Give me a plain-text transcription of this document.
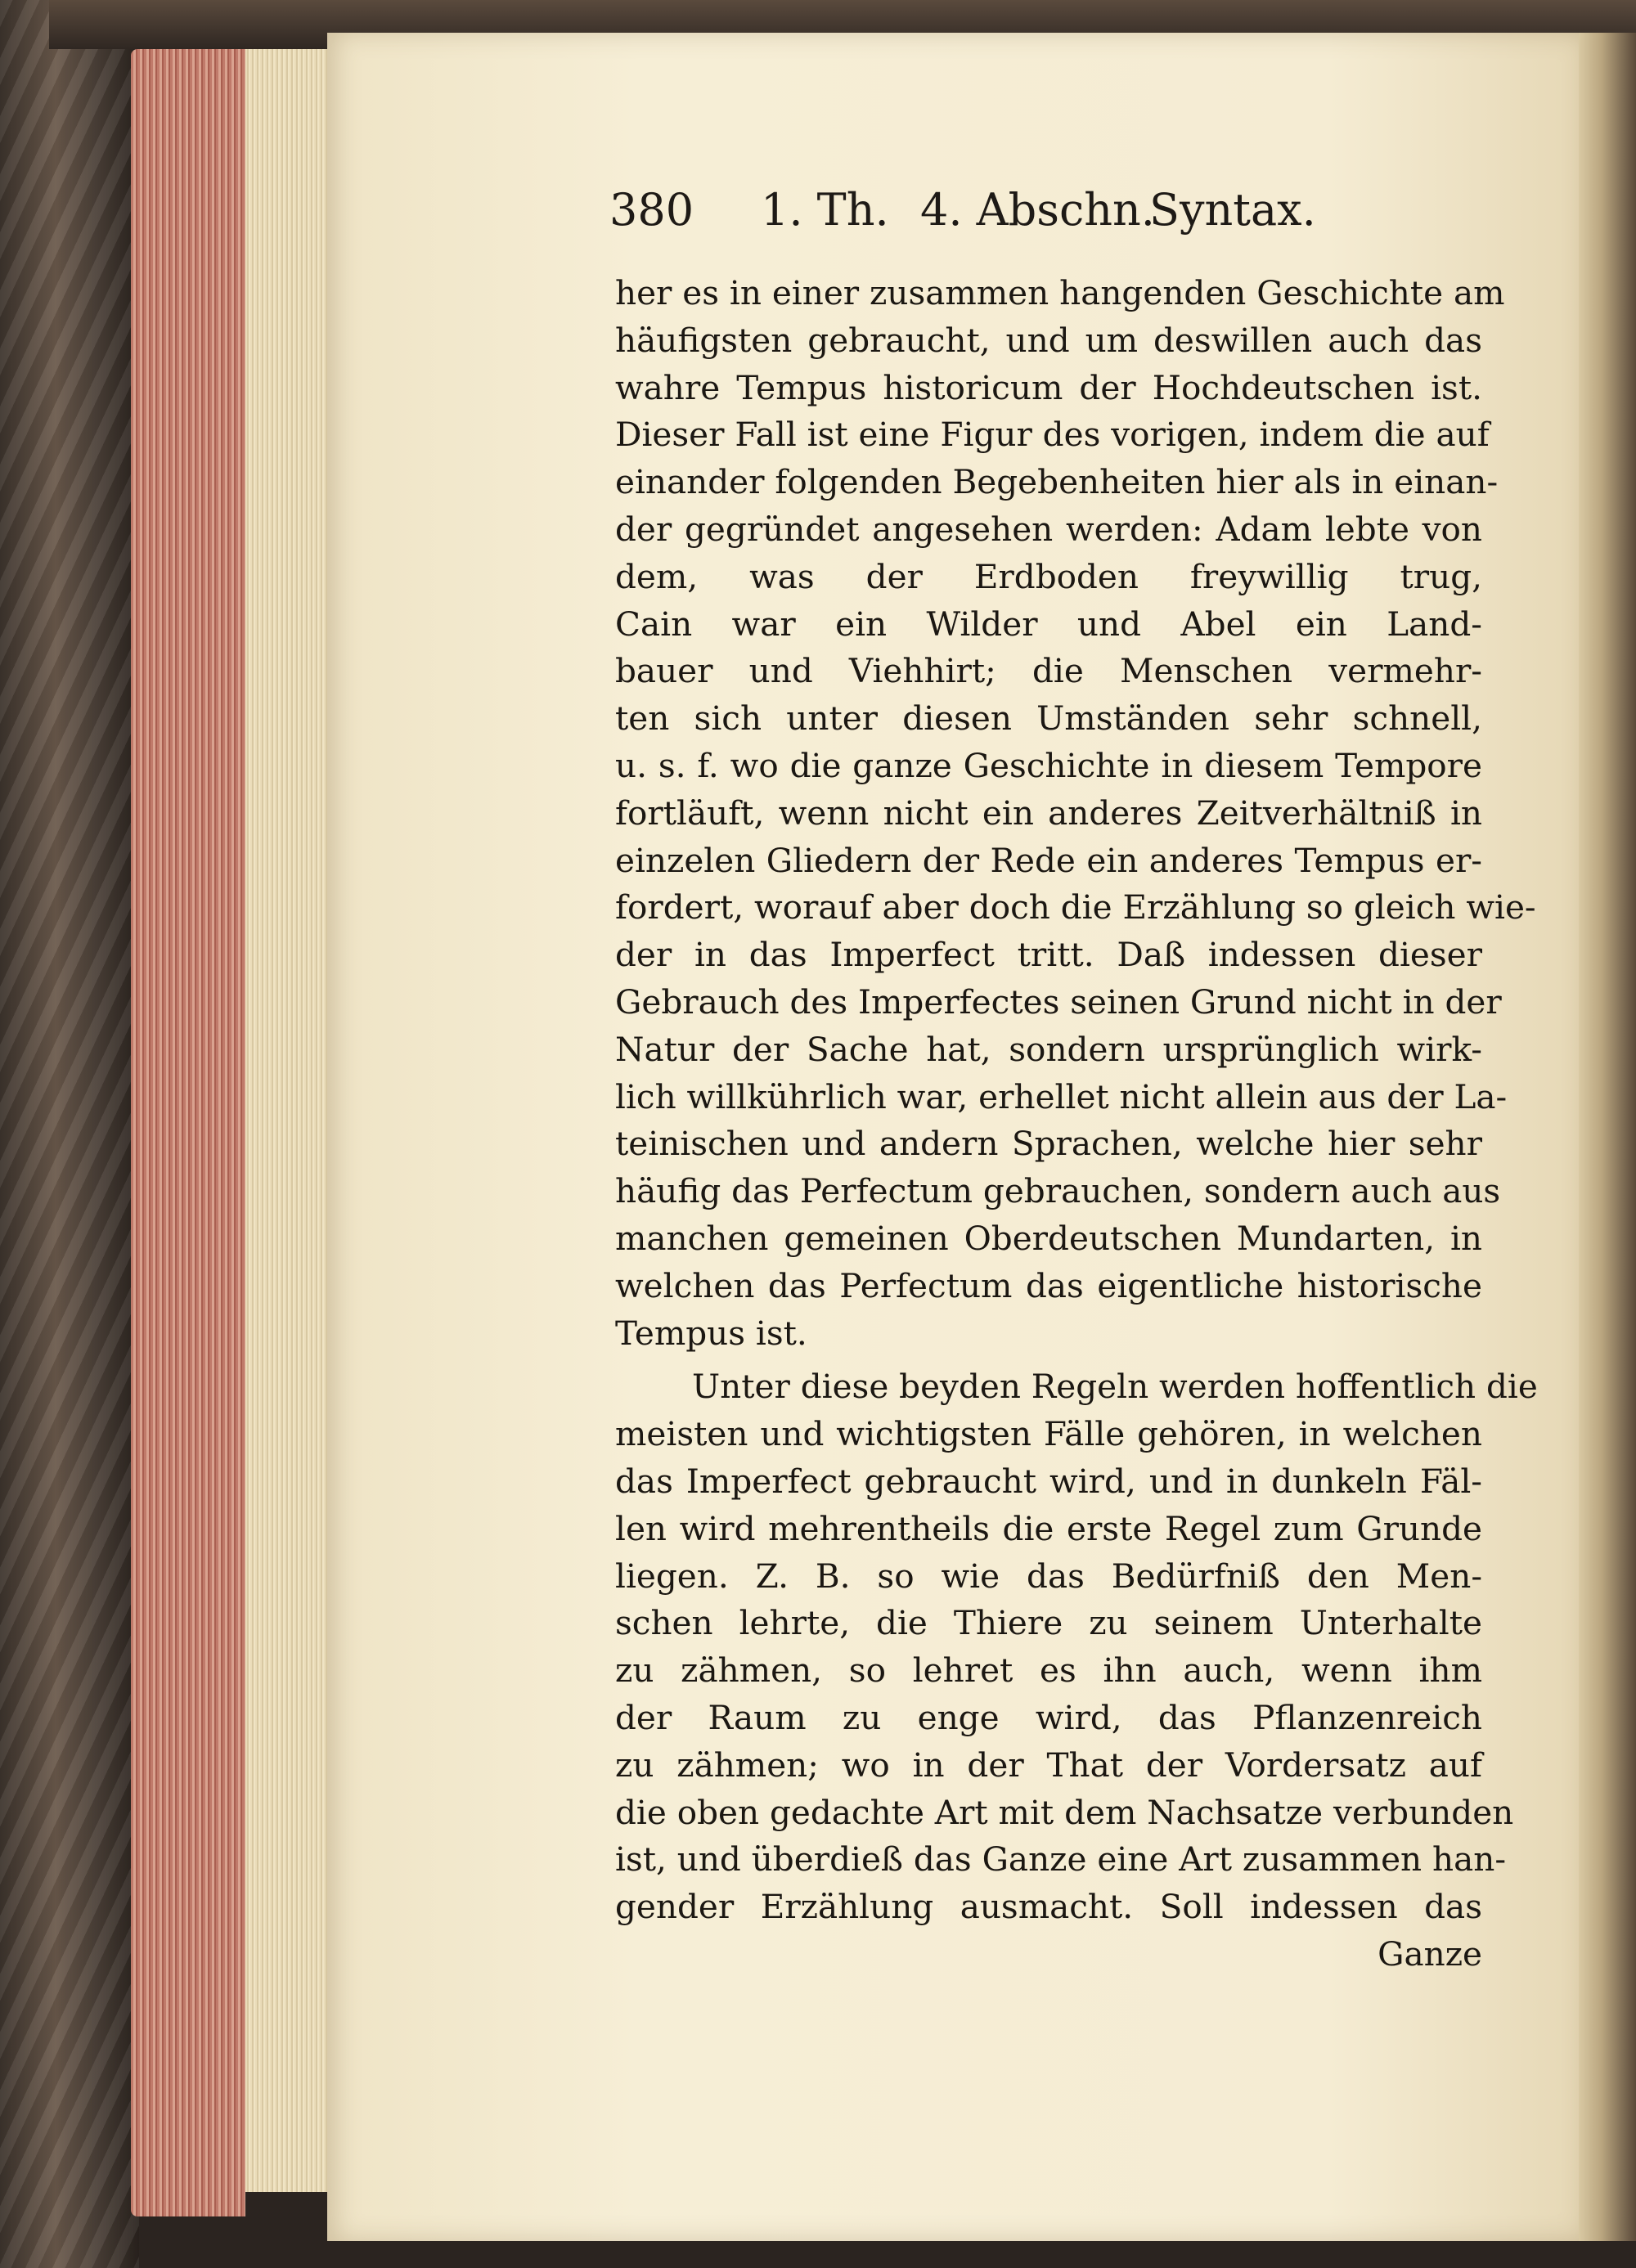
380 1. Th. 4. Abschn.
Syntax.
her es in einer zusammen hangenden Geschichte am
häufigsten gebraucht, und um deswillen auch das
wahre Tempus historicum der Hochdeutschen ist.
Dieser Fall ist eine Figur des vorigen, indem die auf
einander folgenden Begebenheiten hier als in einan-
der gegründet angesehen werden: Adam lebte von
dem, was der Erdboden freywillig trug,
Cain war ein Wilder und Abel ein Land-
bauer und Viehhirt; die Menschen vermehr-
ten sich unter diesen Umständen sehr schnell,
u. s. f. wo die ganze Geschichte in diesem Tempore
fortläuft, wenn nicht ein anderes Zeitverhältniß in
einzelen Gliedern der Rede ein anderes Tempus er-
fordert, worauf aber doch die Erzählung so gleich wie-
der in das Imperfect tritt. Daß indessen dieser
Gebrauch des Imperfectes seinen Grund nicht in der
Natur der Sache hat, sondern ursprünglich wirk-
lich willkührlich war, erhellet nicht allein aus der La-
teinischen und andern Sprachen, welche hier sehr
häufig das Perfectum gebrauchen, sondern auch aus
manchen gemeinen Oberdeutschen Mundarten, in
welchen das Perfectum das eigentliche historische
Tempus ist.
Unter diese beyden Regeln werden hoffentlich die
meisten und wichtigsten Fälle gehören, in welchen
das Imperfect gebraucht wird, und in dunkeln Fäl-
len wird mehrentheils die erste Regel zum Grunde
liegen. Z. B. so wie das Bedürfniß den Men-
schen lehrte, die Thiere zu seinem Unterhalte
zu zähmen, so lehret es ihn auch, wenn ihm
der Raum zu enge wird, das Pflanzenreich
zu zähmen; wo in der That der Vordersatz auf
die oben gedachte Art mit dem Nachsatze verbunden
ist, und überdieß das Ganze eine Art zusammen han-
gender Erzählung ausmacht. Soll indessen das
Ganze
